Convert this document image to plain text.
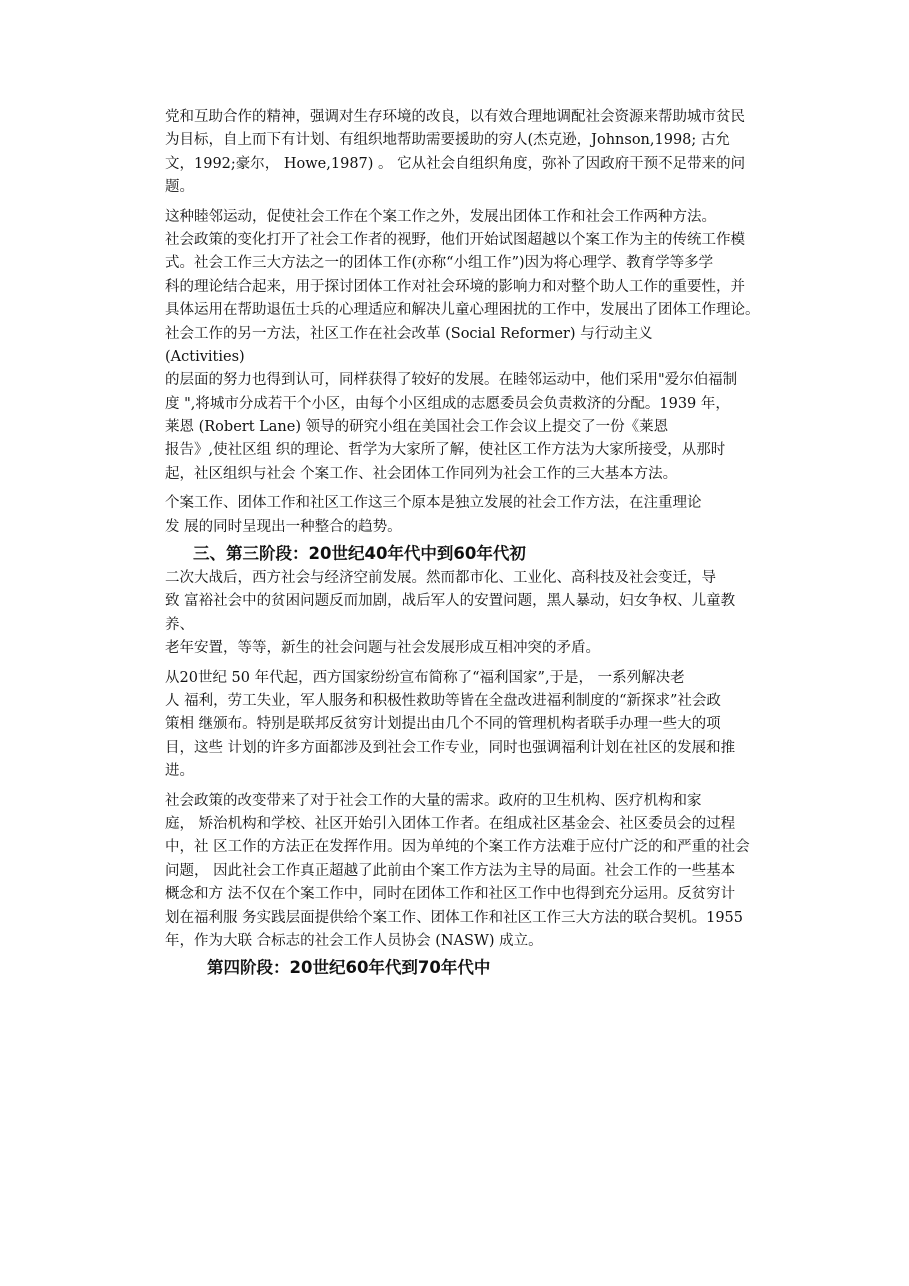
党和互助合作的精神，强调对生存环境的改良，以有效合理地调配社会资源来帮助城市贫民
为目标，自上而下有计划、有组织地帮助需要援助的穷人(杰克逊，Johnson,1998; 古允
文，1992;豪尔， Howe,1987) 。 它从社会自组织角度，弥补了因政府干预不足带来的问
题。
这种睦邻运动，促使社会工作在个案工作之外，发展出团体工作和社会工作两种方法。
社会政策的变化打开了社会工作者的视野，他们开始试图超越以个案工作为主的传统工作模
式。社会工作三大方法之一的团体工作(亦称“小组工作”)因为将心理学、教育学等多学
科的理论结合起来，用于探讨团体工作对社会环境的影响力和对整个助人工作的重要性，并
具体运用在帮助退伍士兵的心理适应和解决儿童心理困扰的工作中，发展出了团体工作理论。
社会工作的另一方法，社区工作在社会改革 (Social Reformer) 与行动主义
(Activities)
的层面的努力也得到认可，同样获得了较好的发展。在睦邻运动中，他们采用"爱尔伯福制
度 ",将城市分成若干个小区，由每个小区组成的志愿委员会负责救济的分配。1939 年，
莱恩 (Robert Lane) 领导的研究小组在美国社会工作会议上提交了一份《莱恩
报告》,使社区组 织的理论、哲学为大家所了解，使社区工作方法为大家所接受，从那时
起，社区组织与社会 个案工作、社会团体工作同列为社会工作的三大基本方法。
个案工作、团体工作和社区工作这三个原本是独立发展的社会工作方法，在注重理论
发 展的同时呈现出一种整合的趋势。
三、第三阶段：20世纪40年代中到60年代初
二次大战后，西方社会与经济空前发展。然而都市化、工业化、高科技及社会变迁，导
致 富裕社会中的贫困问题反而加剧，战后军人的安置问题，黑人暴动，妇女争权、儿童教
养、
老年安置，等等，新生的社会问题与社会发展形成互相冲突的矛盾。
从20世纪 50 年代起，西方国家纷纷宣布简称了“福利国家”,于是， 一系列解决老
人 福利，劳工失业，军人服务和积极性救助等皆在全盘改进福利制度的“新探求”社会政
策相 继颁布。特别是联邦反贫穷计划提出由几个不同的管理机构者联手办理一些大的项
目，这些 计划的许多方面都涉及到社会工作专业，同时也强调福利计划在社区的发展和推
进。
社会政策的改变带来了对于社会工作的大量的需求。政府的卫生机构、医疗机构和家
庭， 矫治机构和学校、社区开始引入团体工作者。在组成社区基金会、社区委员会的过程
中，社 区工作的方法正在发挥作用。因为单纯的个案工作方法难于应付广泛的和严重的社会
问题， 因此社会工作真正超越了此前由个案工作方法为主导的局面。社会工作的一些基本
概念和方 法不仅在个案工作中，同时在团体工作和社区工作中也得到充分运用。反贫穷计
划在福利服 务实践层面提供给个案工作、团体工作和社区工作三大方法的联合契机。1955
年，作为大联 合标志的社会工作人员协会 (NASW) 成立。
第四阶段：20世纪60年代到70年代中
